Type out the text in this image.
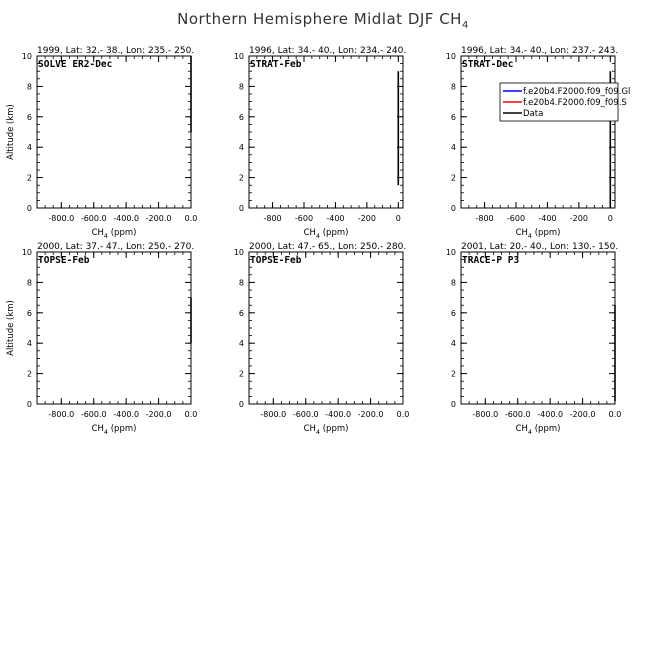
Northern Hemisphere Midlat DJF $CH_4$
1999, Lat: 32.- 38., Lon: 235.- 250.
-800.0 -600.0 -400.0 -200.0 0.0
0
2
4
6
8
10
$CH_4$ (ppm)
Altitude (km)
SOLVE ER2-Dec
1996, Lat: 34.- 40., Lon: 234.- 240.
-800 -600 -400 -200 0
0
2
4
6
8
10
$CH_4$ (ppm)
STRAT-Feb
1996, Lat: 34.- 40., Lon: 237.- 243.
-800 -600 -400 -200 0
0
2
4
6
8
10
$CH_4$ (ppm)
STRAT-Dec
f.e20b4.F2000.f09_f09.Gl
f.e20b4.F2000.f09_f09.S
Data
2000, Lat: 37.- 47., Lon: 250.- 270.
-800.0 -600.0 -400.0 -200.0 0.0
0
2
4
6
8
10
$CH_4$ (ppm)
Altitude (km)
TOPSE-Feb
2000, Lat: 47.- 65., Lon: 250.- 280.
-800.0 -600.0 -400.0 -200.0 0.0
0
2
4
6
8
10
$CH_4$ (ppm)
TOPSE-Feb
2001, Lat: 20.- 40., Lon: 130.- 150.
-800.0 -600.0 -400.0 -200.0 0.0
0
2
4
6
8
10
$CH_4$ (ppm)
TRACE-P P3
